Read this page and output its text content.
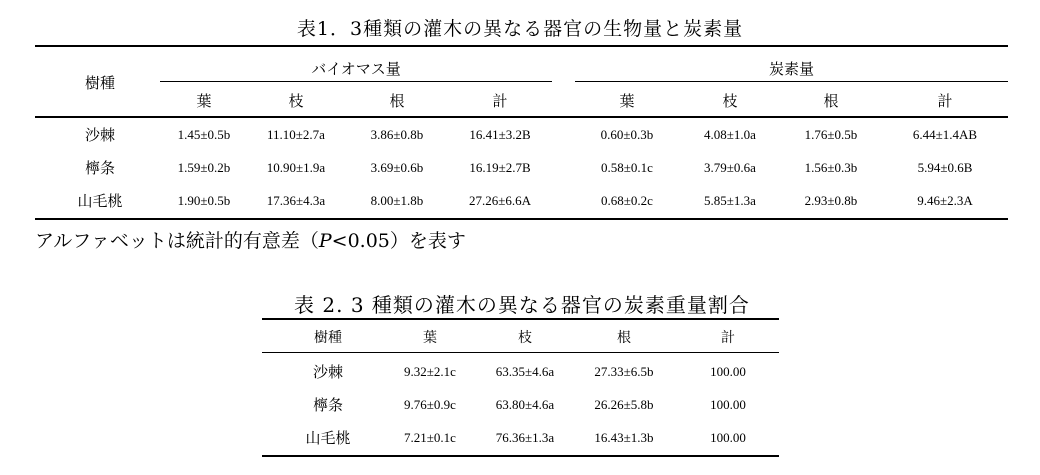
表1．3種類の灌木の異なる器官の生物量と炭素量
樹種
バイオマス量	炭素量
葉	枝	根	計	葉	枝	根	計
沙棘	1.45±0.5b	11.10±2.7a	3.86±0.8b	16.41±3.2B	0.60±0.3b	4.08±1.0a	1.76±0.5b	6.44±1.4AB
檸条	1.59±0.2b	10.90±1.9a	3.69±0.6b	16.19±2.7B	0.58±0.1c	3.79±0.6a	1.56±0.3b	5.94±0.6B
山毛桃	1.90±0.5b	17.36±4.3a	8.00±1.8b	27.26±6.6A	0.68±0.2c	5.85±1.3a	2.93±0.8b	9.46±2.3A
アルファベットは統計的有意差（P<0.05）を表す
表 2. 3 種類の灌木の異なる器官の炭素重量割合
樹種	葉	枝	根	計
沙棘	9.32±2.1c	63.35±4.6a	27.33±6.5b	100.00
檸条	9.76±0.9c	63.80±4.6a	26.26±5.8b	100.00
山毛桃	7.21±0.1c	76.36±1.3a	16.43±1.3b	100.00
